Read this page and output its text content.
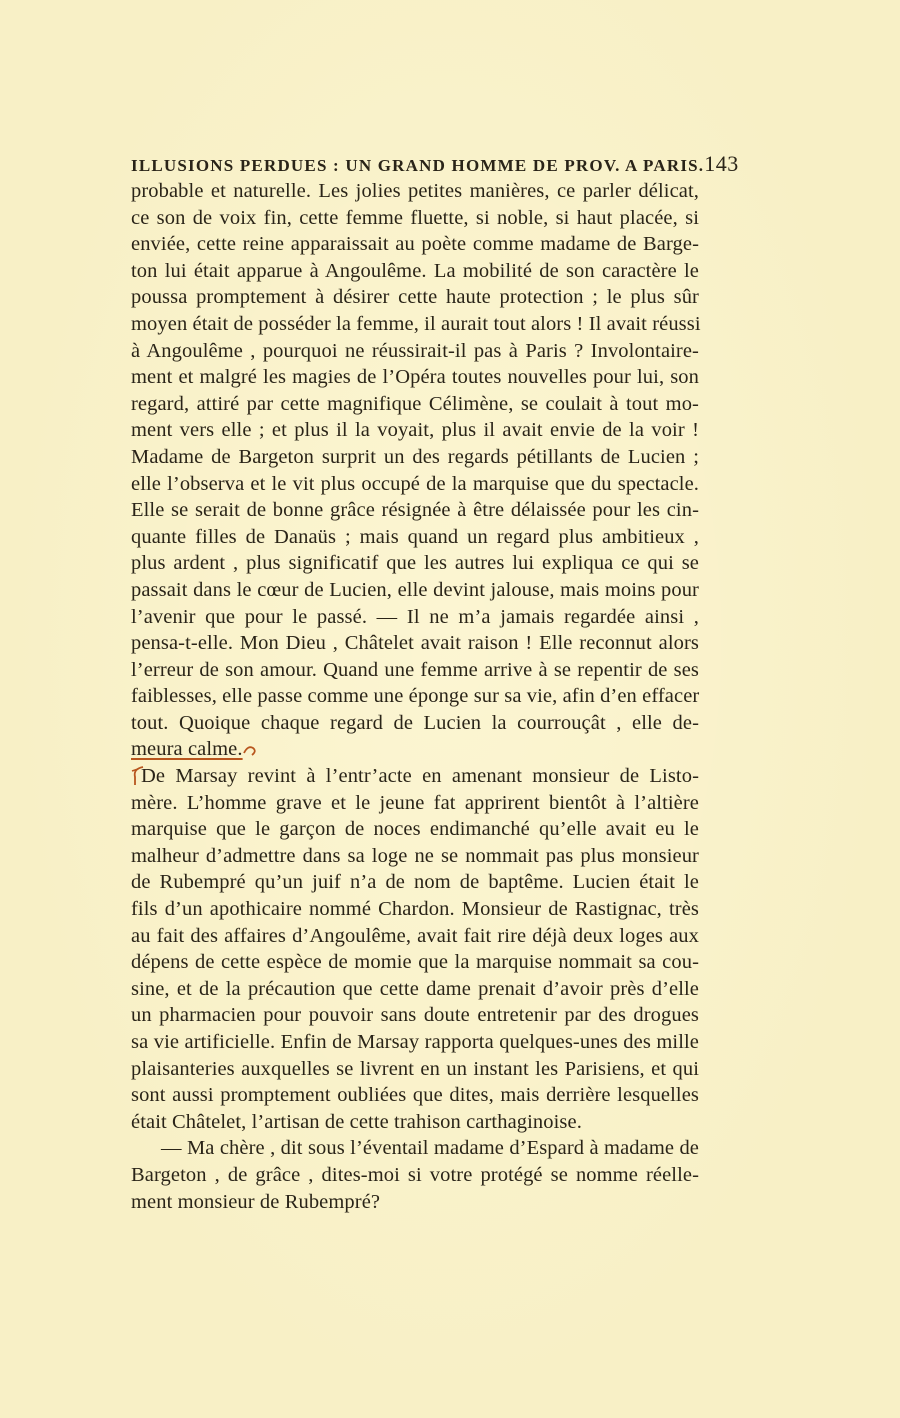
ILLUSIONS PERDUES : UN GRAND HOMME DE PROV. A PARIS. 143
probable et naturelle. Les jolies petites manières, ce parler délicat,
ce son de voix fin, cette femme fluette, si noble, si haut placée, si
enviée, cette reine apparaissait au poète comme madame de Barge-
ton lui était apparue à Angoulême. La mobilité de son caractère le
poussa promptement à désirer cette haute protection ; le plus sûr
moyen était de posséder la femme, il aurait tout alors ! Il avait réussi
à Angoulême , pourquoi ne réussirait-il pas à Paris ? Involontaire-
ment et malgré les magies de l’Opéra toutes nouvelles pour lui, son
regard, attiré par cette magnifique Célimène, se coulait à tout mo-
ment vers elle ; et plus il la voyait, plus il avait envie de la voir !
Madame de Bargeton surprit un des regards pétillants de Lucien ;
elle l’observa et le vit plus occupé de la marquise que du spectacle.
Elle se serait de bonne grâce résignée à être délaissée pour les cin-
quante filles de Danaüs ; mais quand un regard plus ambitieux ,
plus ardent , plus significatif que les autres lui expliqua ce qui se
passait dans le cœur de Lucien, elle devint jalouse, mais moins pour
l’avenir que pour le passé. — Il ne m’a jamais regardée ainsi ,
pensa-t-elle. Mon Dieu , Châtelet avait raison ! Elle reconnut alors
l’erreur de son amour. Quand une femme arrive à se repentir de ses
faiblesses, elle passe comme une éponge sur sa vie, afin d’en effacer
tout. Quoique chaque regard de Lucien la courrouçât , elle de-
meura calme.
De Marsay revint à l’entr’acte en amenant monsieur de Listo-
mère. L’homme grave et le jeune fat apprirent bientôt à l’altière
marquise que le garçon de noces endimanché qu’elle avait eu le
malheur d’admettre dans sa loge ne se nommait pas plus monsieur
de Rubempré qu’un juif n’a de nom de baptême. Lucien était le
fils d’un apothicaire nommé Chardon. Monsieur de Rastignac, très
au fait des affaires d’Angoulême, avait fait rire déjà deux loges aux
dépens de cette espèce de momie que la marquise nommait sa cou-
sine, et de la précaution que cette dame prenait d’avoir près d’elle
un pharmacien pour pouvoir sans doute entretenir par des drogues
sa vie artificielle. Enfin de Marsay rapporta quelques-unes des mille
plaisanteries auxquelles se livrent en un instant les Parisiens, et qui
sont aussi promptement oubliées que dites, mais derrière lesquelles
était Châtelet, l’artisan de cette trahison carthaginoise.
— Ma chère , dit sous l’éventail madame d’Espard à madame de
Bargeton , de grâce , dites-moi si votre protégé se nomme réelle-
ment monsieur de Rubempré?
